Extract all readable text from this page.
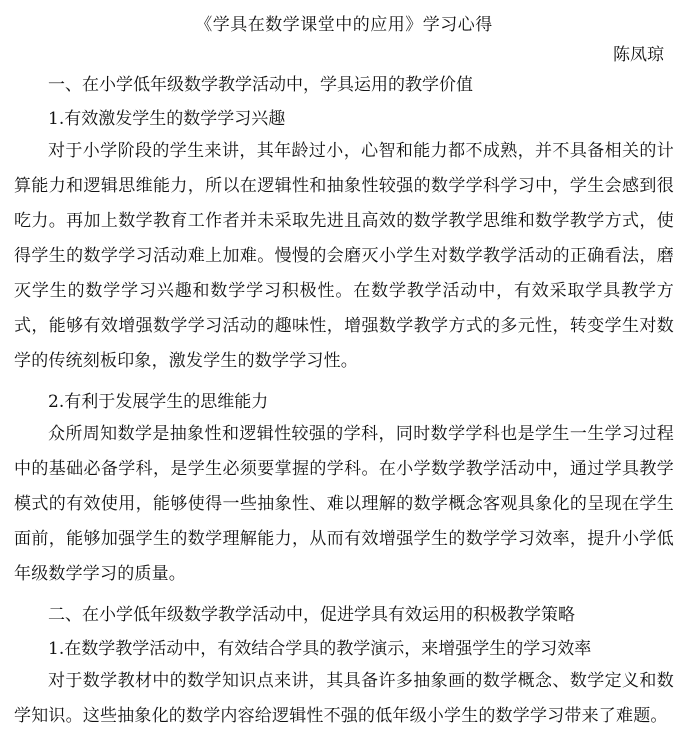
《学具在数学课堂中的应用》学习心得

陈凤琼

一、在小学低年级数学教学活动中，学具运用的教学价值

1.有效激发学生的数学学习兴趣

对于小学阶段的学生来讲，其年龄过小，心智和能力都不成熟，并不具备相关的计算能力和逻辑思维能力，所以在逻辑性和抽象性较强的数学学科学习中，学生会感到很吃力。再加上数学教育工作者并未采取先进且高效的数学教学思维和数学教学方式，使得学生的数学学习活动难上加难。慢慢的会磨灭小学生对数学教学活动的正确看法，磨灭学生的数学学习兴趣和数学学习积极性。在数学教学活动中，有效采取学具教学方式，能够有效增强数学学习活动的趣味性，增强数学教学方式的多元性，转变学生对数学的传统刻板印象，激发学生的数学学习性。

2.有利于发展学生的思维能力

众所周知数学是抽象性和逻辑性较强的学科，同时数学学科也是学生一生学习过程中的基础必备学科，是学生必须要掌握的学科。在小学数学教学活动中，通过学具教学模式的有效使用，能够使得一些抽象性、难以理解的数学概念客观具象化的呈现在学生面前，能够加强学生的数学理解能力，从而有效增强学生的数学学习效率，提升小学低年级数学学习的质量。

二、在小学低年级数学教学活动中，促进学具有效运用的积极教学策略

1.在数学教学活动中，有效结合学具的教学演示，来增强学生的学习效率

对于数学教材中的数学知识点来讲，其具备许多抽象画的数学概念、数学定义和数学知识。这些抽象化的数学内容给逻辑性不强的低年级小学生的数学学习带来了难题。
